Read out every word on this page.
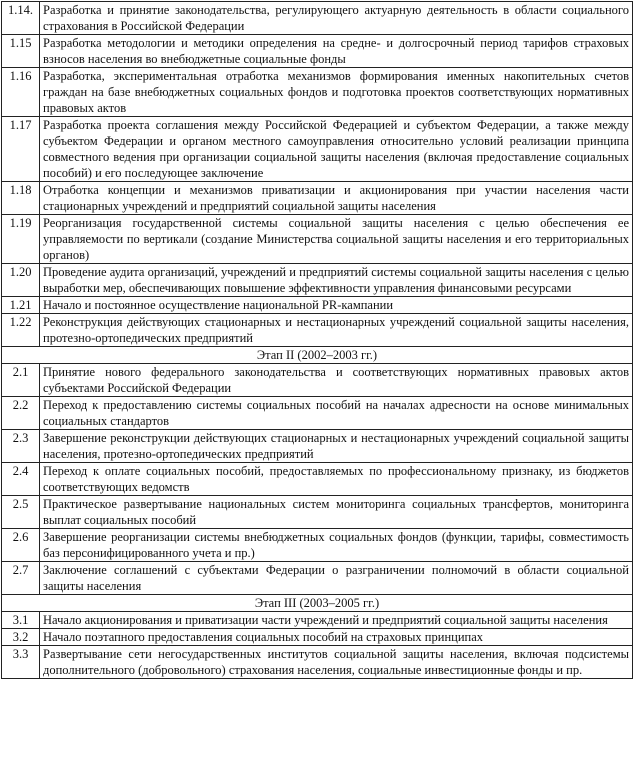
1.14.	Разработка и принятие законодательства, регулирующего актуарную деятельность в области социального страхования в Российской Федерации
1.15	Разработка методологии и методики определения на средне- и долгосрочный период тарифов страховых взносов населения во внебюджетные социальные фонды
1.16	Разработка, экспериментальная отработка механизмов формирования именных накопительных счетов граждан на базе внебюджетных социальных фондов и подготовка проектов соответствующих нормативных правовых актов
1.17	Разработка проекта соглашения между Российской Федерацией и субъектом Федерации, а также между субъектом Федерации и органом местного самоуправления относительно условий реализации принципа совместного ведения при организации социальной защиты населения (включая предоставление социальных пособий) и его последующее заключение
1.18	Отработка концепции и механизмов приватизации и акционирования при участии населения части стационарных учреждений и предприятий социальной защиты населения
1.19	Реорганизация государственной системы социальной защиты населения с целью обеспечения ее управляемости по вертикали (создание Министерства социальной защиты населения и его территориальных органов)
1.20	Проведение аудита организаций, учреждений и предприятий системы социальной защиты населения с целью выработки мер, обеспечивающих повышение эффективности управления финансовыми ресурсами
1.21	Начало и постоянное осуществление национальной PR-кампании
1.22	Реконструкция действующих стационарных и нестационарных учреждений социальной защиты населения, протезно-ортопедических предприятий
Этап II (2002–2003 гг.)	
2.1	Принятие нового федерального законодательства и соответствующих нормативных правовых актов субъектами Российской Федерации
2.2	Переход к предоставлению системы социальных пособий на началах адресности на основе минимальных социальных стандартов
2.3	Завершение реконструкции действующих стационарных и нестационарных учреждений социальной защиты населения, протезно-ортопедических предприятий
2.4	Переход к оплате социальных пособий, предоставляемых по профессиональному признаку, из бюджетов соответствующих ведомств
2.5	Практическое развертывание национальных систем мониторинга социальных трансфертов, мониторинга выплат социальных пособий
2.6	Завершение реорганизации системы внебюджетных социальных фондов (функции, тарифы, совместимость баз персонифицированного учета и пр.)
2.7	Заключение соглашений с субъектами Федерации о разграничении полномочий в области социальной защиты населения
Этап III (2003–2005 гг.)	
3.1	Начало акционирования и приватизации части учреждений и предприятий социальной защиты населения
3.2	Начало поэтапного предоставления социальных пособий на страховых принципах
3.3	Развертывание сети негосударственных институтов социальной защиты населения, включая подсистемы дополнительного (добровольного) страхования населения, социальные инвестиционные фонды и пр.
